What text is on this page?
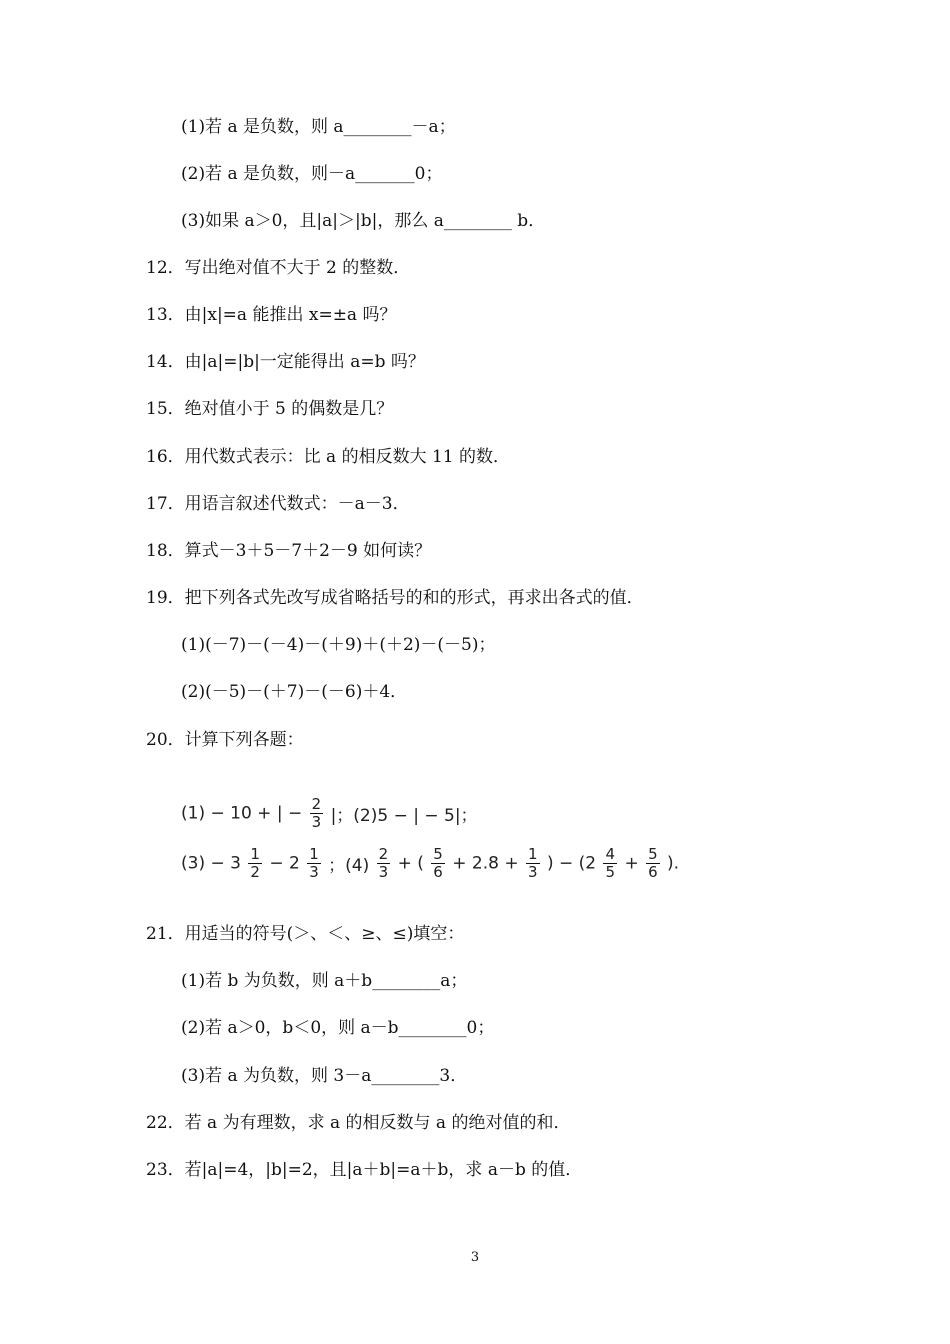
(1)若 a 是负数，则 a________－a；
(2)若 a 是负数，则－a_______0；
(3)如果 a＞0，且|a|＞|b|，那么 a________ b．
12．写出绝对值不大于 2 的整数．
13．由|x|=a 能推出 x=±a 吗？
14．由|a|=|b|一定能得出 a=b 吗？
15．绝对值小于 5 的偶数是几？
16．用代数式表示：比 a 的相反数大 11 的数．
17．用语言叙述代数式：－a－3．
18．算式－3＋5－7＋2－9 如何读？
19．把下列各式先改写成省略括号的和的形式，再求出各式的值．
(1)(－7)－(－4)－(＋9)＋(＋2)－(－5)；
(2)(－5)－(＋7)－(－6)＋4．
20．计算下列各题：
(1) − 10 + | − $\frac{2}{3}$ |；(2)5 − | − 5|；
$(3) - 3 \frac{1}{2} - 2 \frac{1}{3}$ ；$(4) \frac{2}{3}$ + ( $\frac{5}{6} + 2.8 + \frac{1}{3}$ ) − ($2 \frac{4}{5} + \frac{5}{6}$ ).
21．用适当的符号(＞、＜、≥、≤)填空：
(1)若 b 为负数，则 a＋b________a；
(2)若 a＞0，b＜0，则 a－b________0；
(3)若 a 为负数，则 3－a________3．
22．若 a 为有理数，求 a 的相反数与 a 的绝对值的和．
23．若|a|=4，|b|=2，且|a＋b|=a＋b，求 a－b 的值．
3
